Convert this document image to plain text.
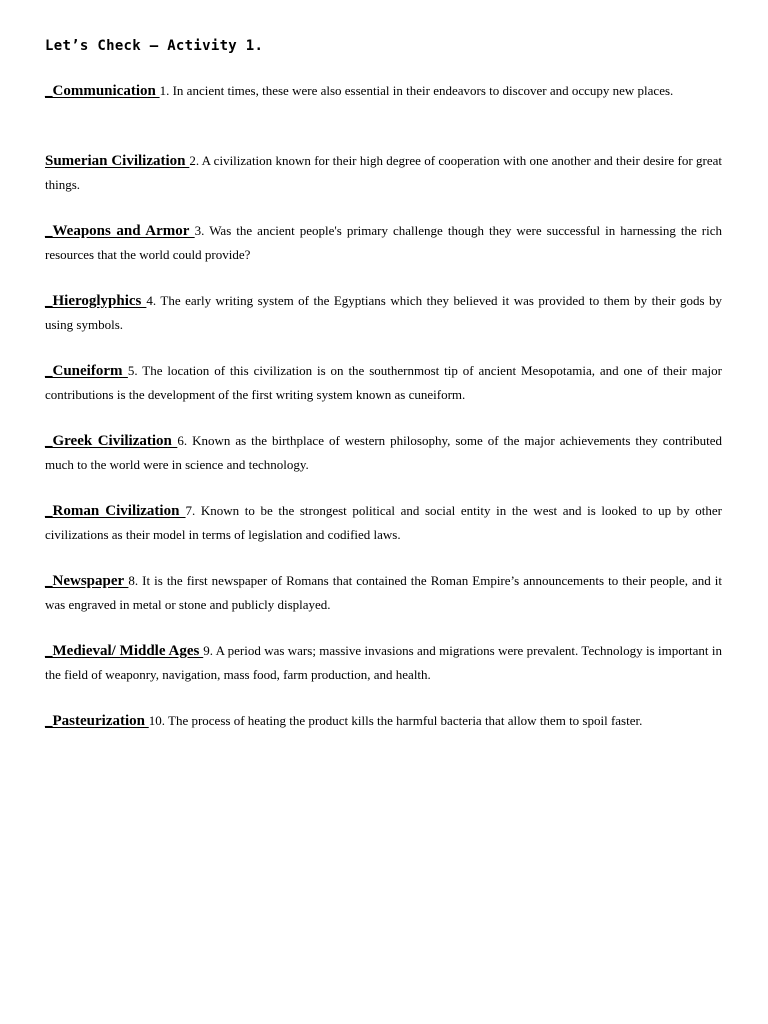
Let’s Check – Activity 1.

_Communication 1. In ancient times, these were also essential in their endeavors to discover and occupy new places.

Sumerian Civilization 2. A civilization known for their high degree of cooperation with one another and their desire for great things.

_Weapons and Armor 3. Was the ancient people's primary challenge though they were successful in harnessing the rich resources that the world could provide?

_Hieroglyphics 4. The early writing system of the Egyptians which they believed it was provided to them by their gods by using symbols.

_Cuneiform 5. The location of this civilization is on the southernmost tip of ancient Mesopotamia, and one of their major contributions is the development of the first writing system known as cuneiform.

_Greek Civilization 6. Known as the birthplace of western philosophy, some of the major achievements they contributed much to the world were in science and technology.

_Roman Civilization 7. Known to be the strongest political and social entity in the west and is looked to up by other civilizations as their model in terms of legislation and codified laws.

_Newspaper 8. It is the first newspaper of Romans that contained the Roman Empire’s announcements to their people, and it was engraved in metal or stone and publicly displayed.

_Medieval/ Middle Ages 9. A period was wars; massive invasions and migrations were prevalent. Technology is important in the field of weaponry, navigation, mass food, farm production, and health.

_Pasteurization 10. The process of heating the product kills the harmful bacteria that allow them to spoil faster.
